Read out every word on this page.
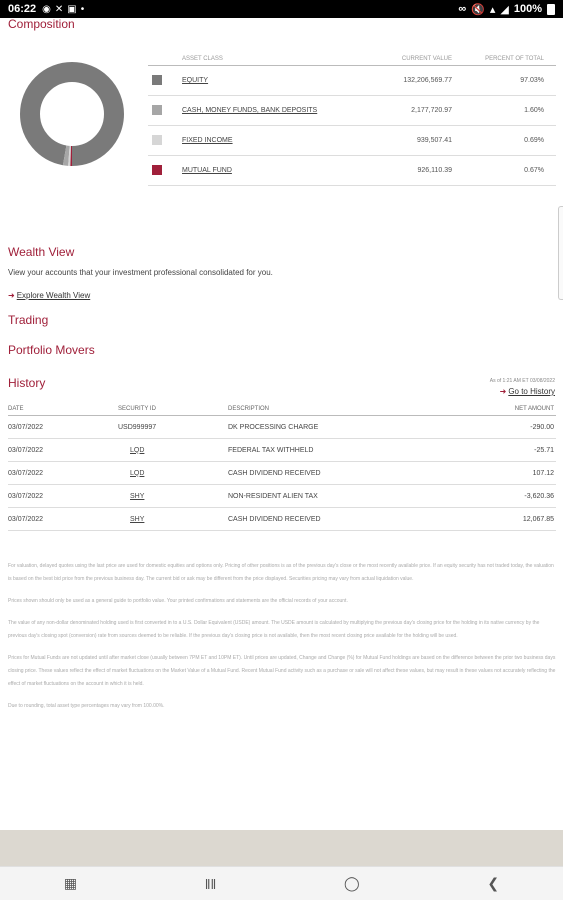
06:22 ◉ ✕ ▣ •	∞ 🔇 ▴ ◢ 100%
Composition
ASSET CLASS	CURRENT VALUE	PERCENT OF TOTAL
EQUITY	132,206,569.77	97.03%
CASH, MONEY FUNDS, BANK DEPOSITS	2,177,720.97	1.60%
FIXED INCOME	939,507.41	0.69%
MUTUAL FUND	926,110.39	0.67%
Wealth View
View your accounts that your investment professional consolidated for you.
➜ Explore Wealth View
Trading
Portfolio Movers
History	As of 1:21 AM ET 03/08/2022
➜ Go to History
DATE	SECURITY ID	DESCRIPTION	NET AMOUNT
03/07/2022	USD999997	DK PROCESSING CHARGE	-290.00
03/07/2022	LQD	FEDERAL TAX WITHHELD	-25.71
03/07/2022	LQD	CASH DIVIDEND RECEIVED	107.12
03/07/2022	SHY	NON-RESIDENT ALIEN TAX	-3,620.36
03/07/2022	SHY	CASH DIVIDEND RECEIVED	12,067.85

For valuation, delayed quotes using the last price are used for domestic equities and options only. Pricing of other positions is as of the previous day's close or the most recently available price. If an equity security has not traded today, the valuation is based on the best bid price from the previous business day. The current bid or ask may be different from the price displayed. Securities pricing may vary from actual liquidation value.

Prices shown should only be used as a general guide to portfolio value. Your printed confirmations and statements are the official records of your account.

The value of any non-dollar denominated holding used is first converted in to a U.S. Dollar Equivalent (USDE) amount. The USDE amount is calculated by multiplying the previous day's closing price for the holding in its native currency by the previous day's closing spot (conversion) rate from sources deemed to be reliable. If the previous day's closing price is not available, then the most recent closing price available for the holding will be used.

Prices for Mutual Funds are not updated until after market close (usually between 7PM ET and 10PM ET). Until prices are updated, Change and Change (%) for Mutual Fund holdings are based on the difference between the prior two business days closing price. These values reflect the effect of market fluctuations on the Market Value of a Mutual Fund. Recent Mutual Fund activity such as a purchase or sale will not affect these values, but may result in these values not accurately reflecting the effect of market fluctuations on the account in which it is held.

Due to rounding, total asset type percentages may vary from 100.00%.

▦	‖‖	◯	❮
